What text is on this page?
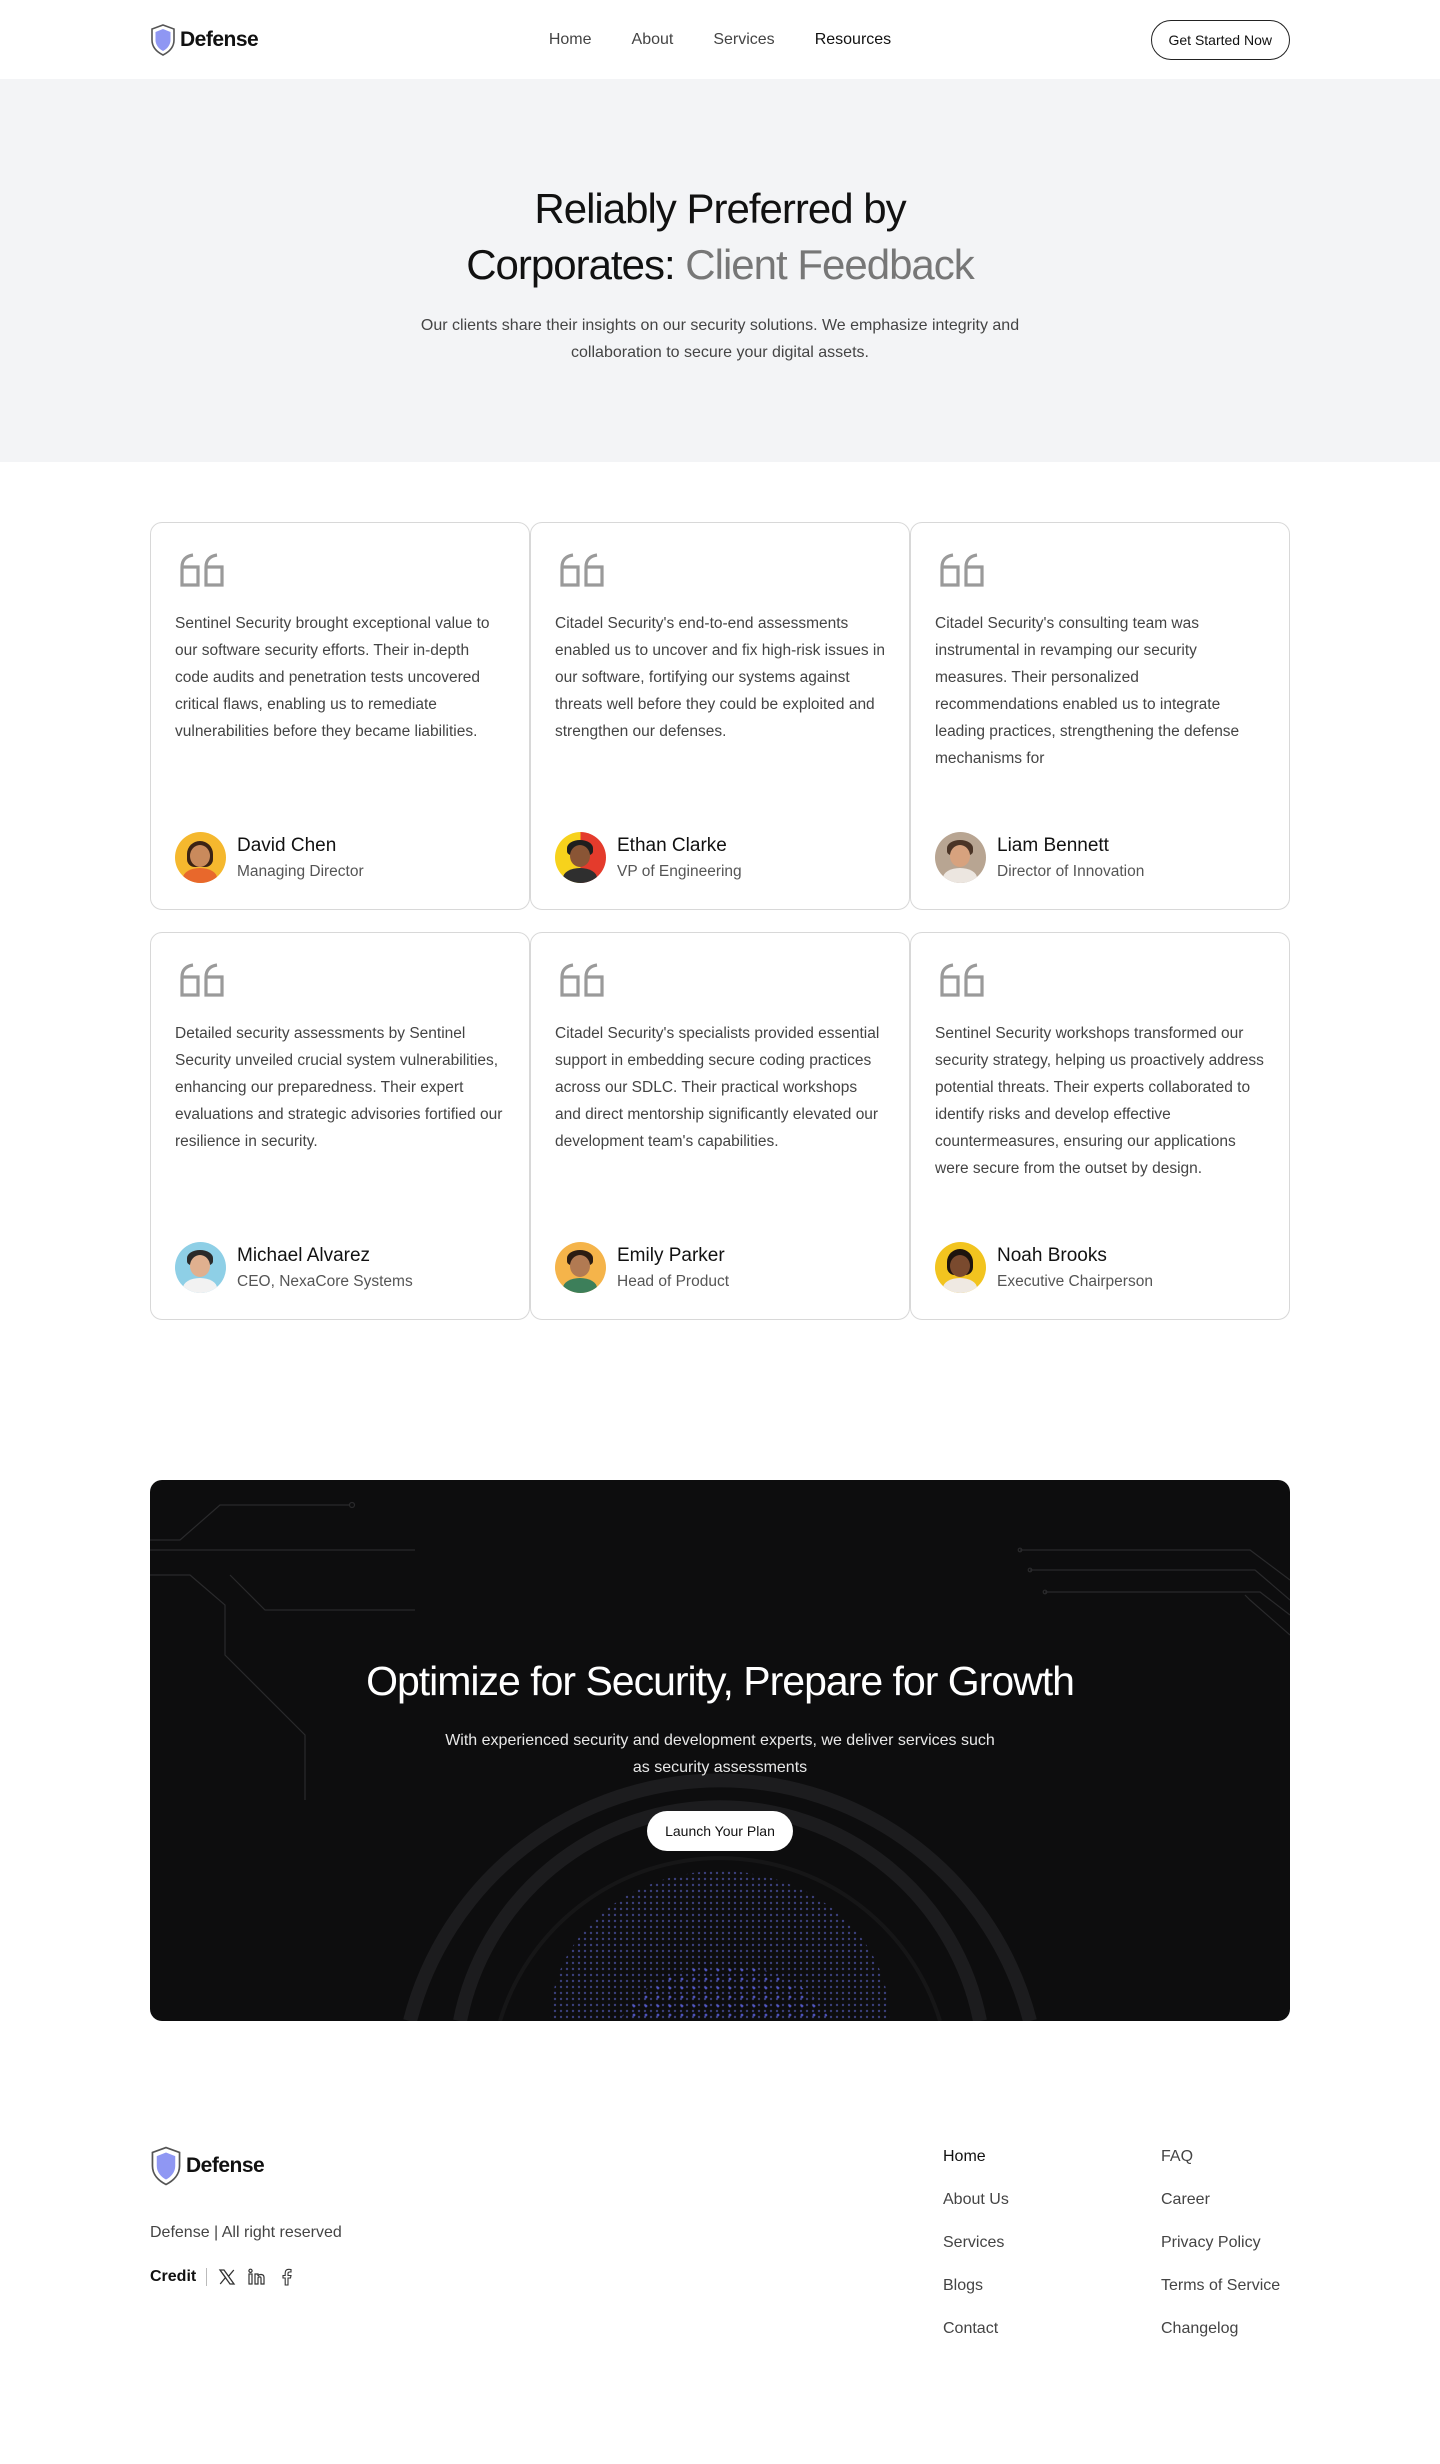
Defense	Home	About	Services	Resources	Get Started Now
Reliably Preferred by Corporates: Client Feedback

Our clients share their insights on our security solutions. We emphasize integrity and collaboration to secure your digital assets.

Sentinel Security brought exceptional value to our software security efforts. Their in-depth code audits and penetration tests uncovered critical flaws, enabling us to remediate vulnerabilities before they became liabilities.

David Chen
Managing Director

Citadel Security's end-to-end assessments enabled us to uncover and fix high-risk issues in our software, fortifying our systems against threats well before they could be exploited and strengthen our defenses.

Ethan Clarke
VP of Engineering

Citadel Security's consulting team was instrumental in revamping our security measures. Their personalized recommendations enabled us to integrate leading practices, strengthening the defense mechanisms for

Liam Bennett
Director of Innovation

Detailed security assessments by Sentinel Security unveiled crucial system vulnerabilities, enhancing our preparedness. Their expert evaluations and strategic advisories fortified our resilience in security.

Michael Alvarez
CEO, NexaCore Systems

Citadel Security's specialists provided essential support in embedding secure coding practices across our SDLC. Their practical workshops and direct mentorship significantly elevated our development team's capabilities.

Emily Parker
Head of Product

Sentinel Security workshops transformed our security strategy, helping us proactively address potential threats. Their experts collaborated to identify risks and develop effective countermeasures, ensuring our applications were secure from the outset by design.

Noah Brooks
Executive Chairperson
Optimize for Security, Prepare for Growth

With experienced security and development experts, we deliver services such as security assessments

Launch Your Plan
Defense
Defense | All right reserved
Credit
Home
About Us
Services
Blogs
Contact
FAQ
Career
Privacy Policy
Terms of Service
Changelog
